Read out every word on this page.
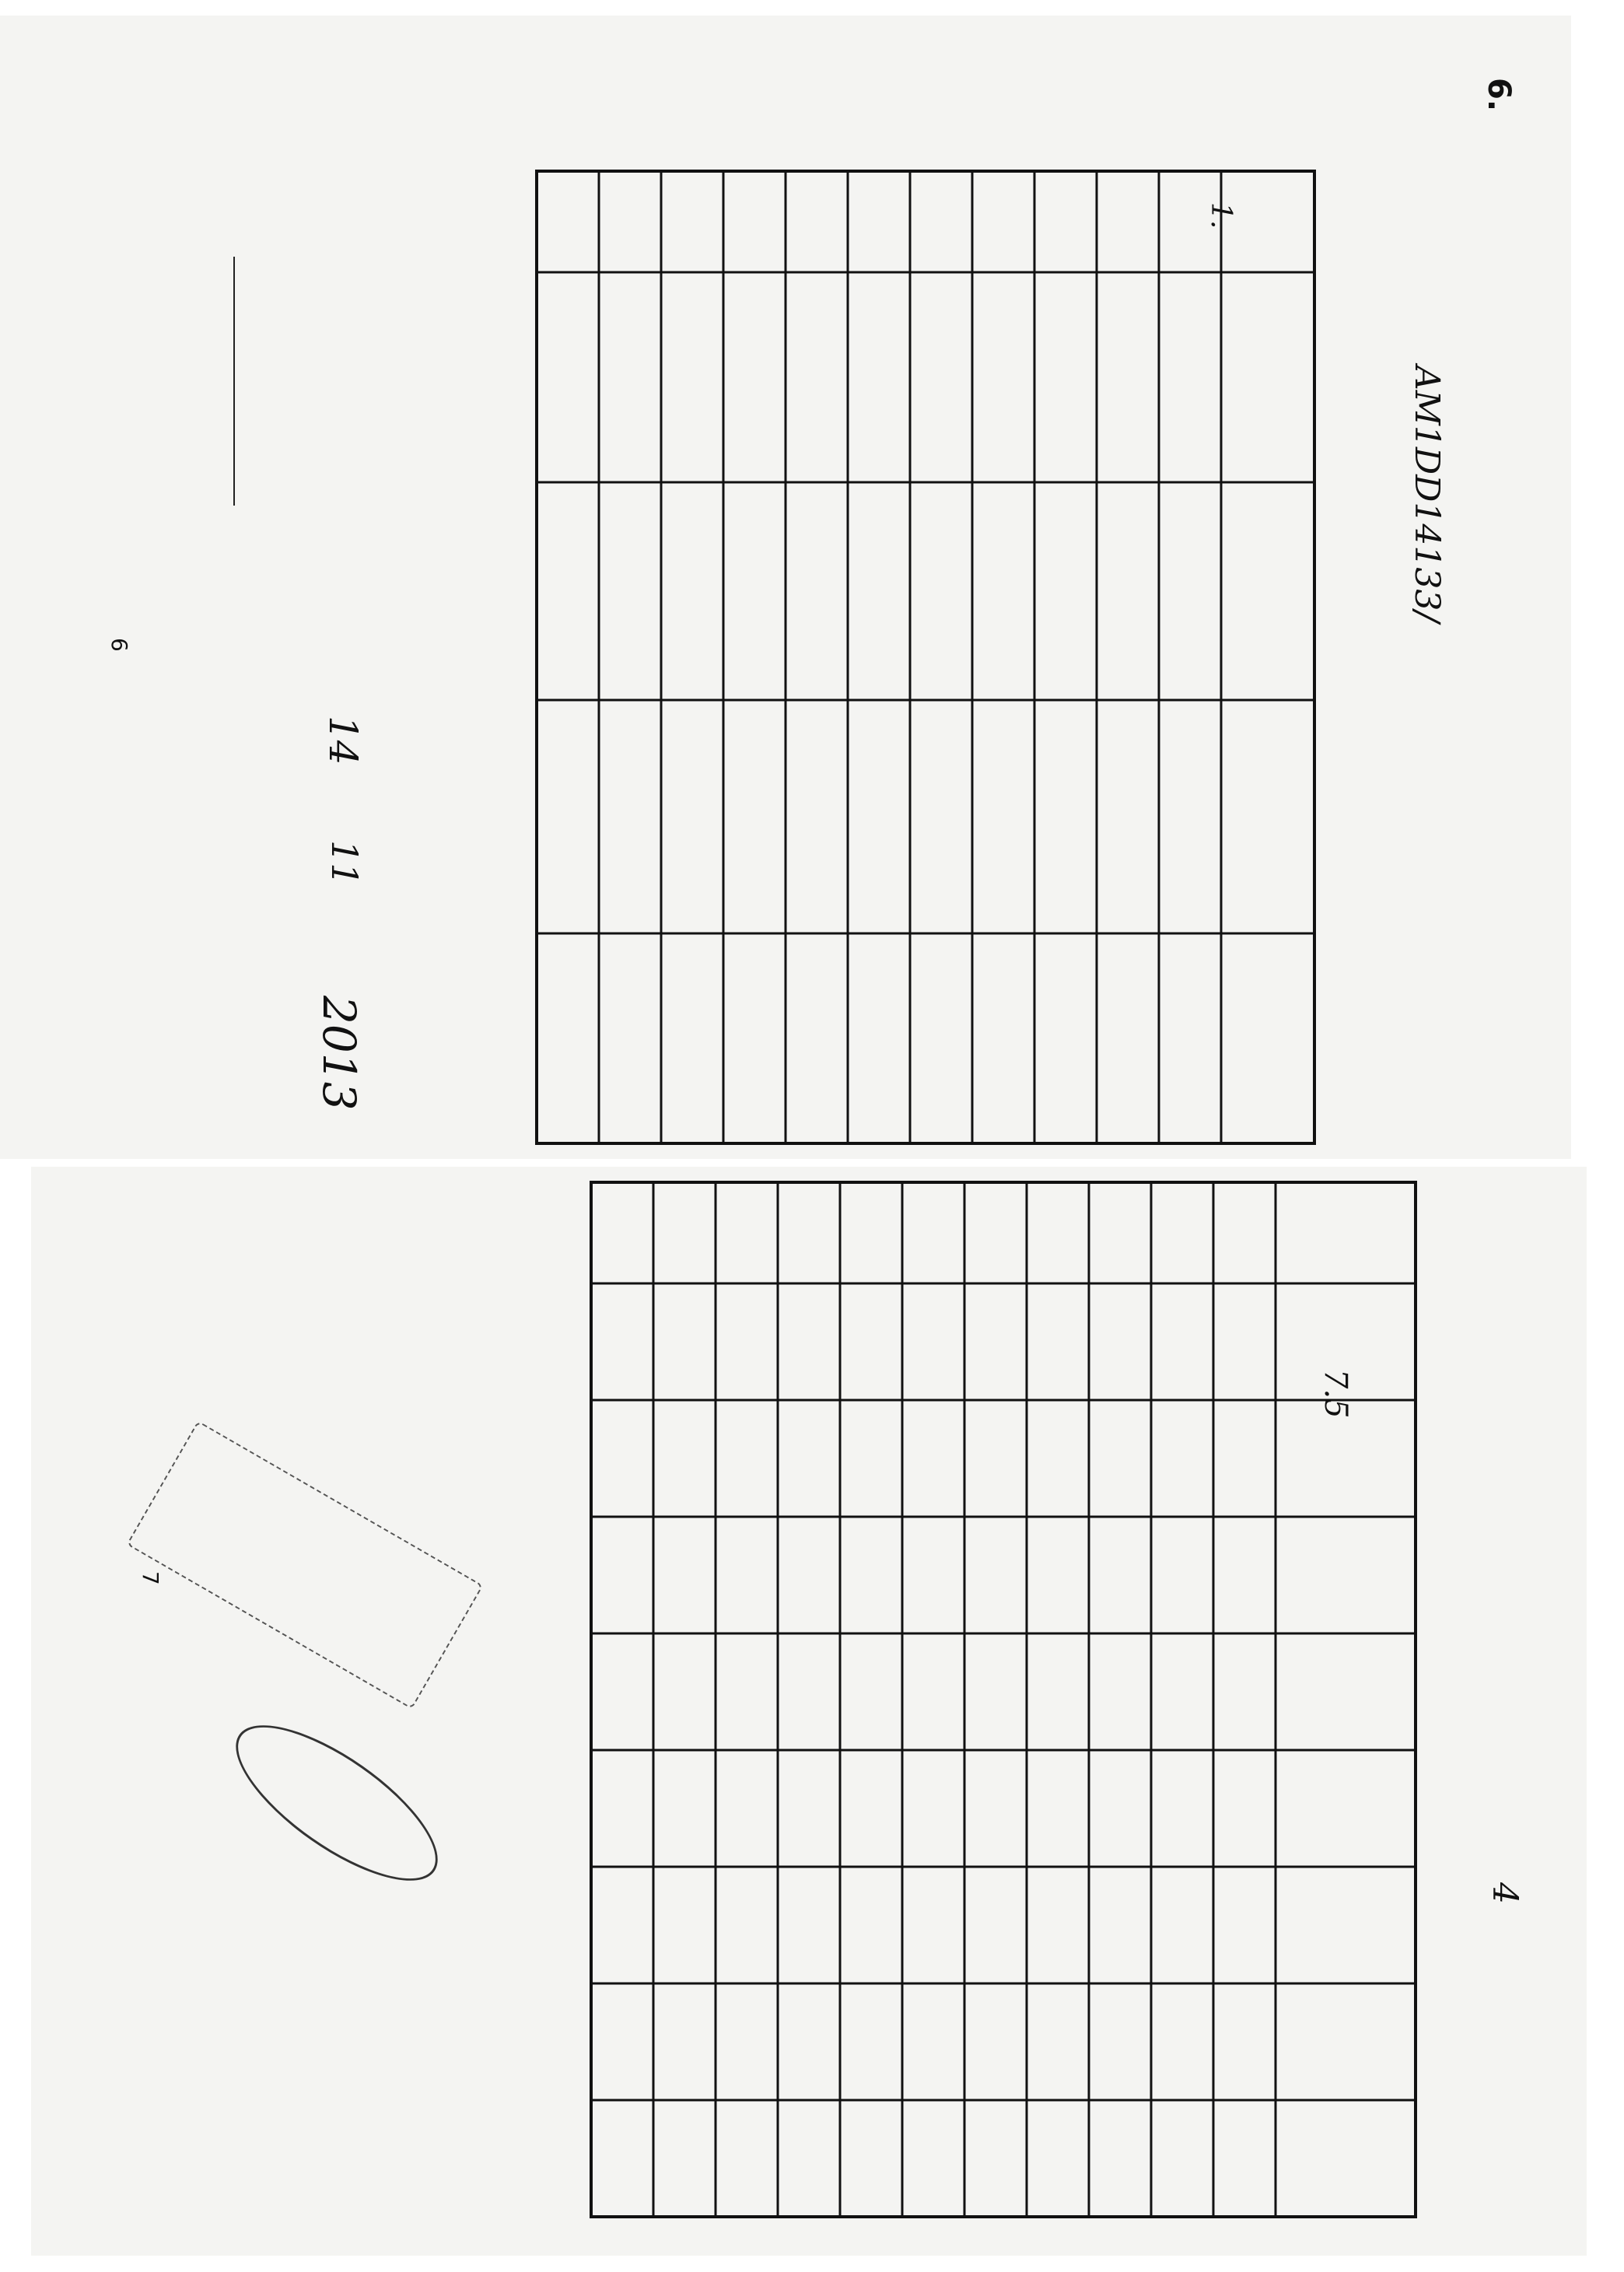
6.
AM1DD14133/
1.
14
11
2013
6
4
7.5
7
